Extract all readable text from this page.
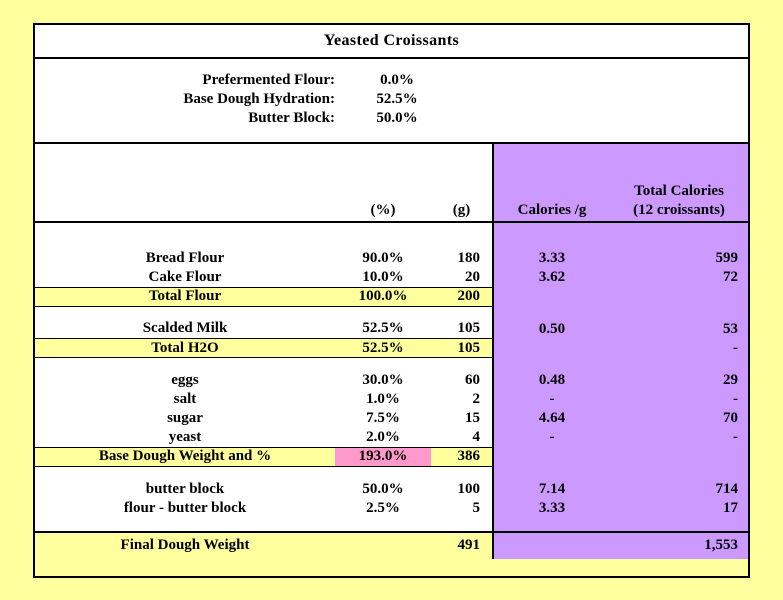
Yeasted Croissants
Prefermented Flour:	0.0%	
Base Dough Hydration:	52.5%	
Butter Block:	50.0%	
				Total Calories
	(%)	(g)	Calories /g	(12 croissants)

Bread Flour	90.0%	180	3.33	599
Cake Flour	10.0%	20	3.62	72
Total Flour	100.0%	200		

Scalded Milk	52.5%	105	0.50	53
Total H2O	52.5%	105		-

eggs	30.0%	60	0.48	29
salt	1.0%	2	-	-
sugar	7.5%	15	4.64	70
yeast	2.0%	4	-	-
Base Dough Weight and %	193.0%	386		

butter block	50.0%	100	7.14	714
flour - butter block	2.5%	5	3.33	17

Final Dough Weight		491		1,553
